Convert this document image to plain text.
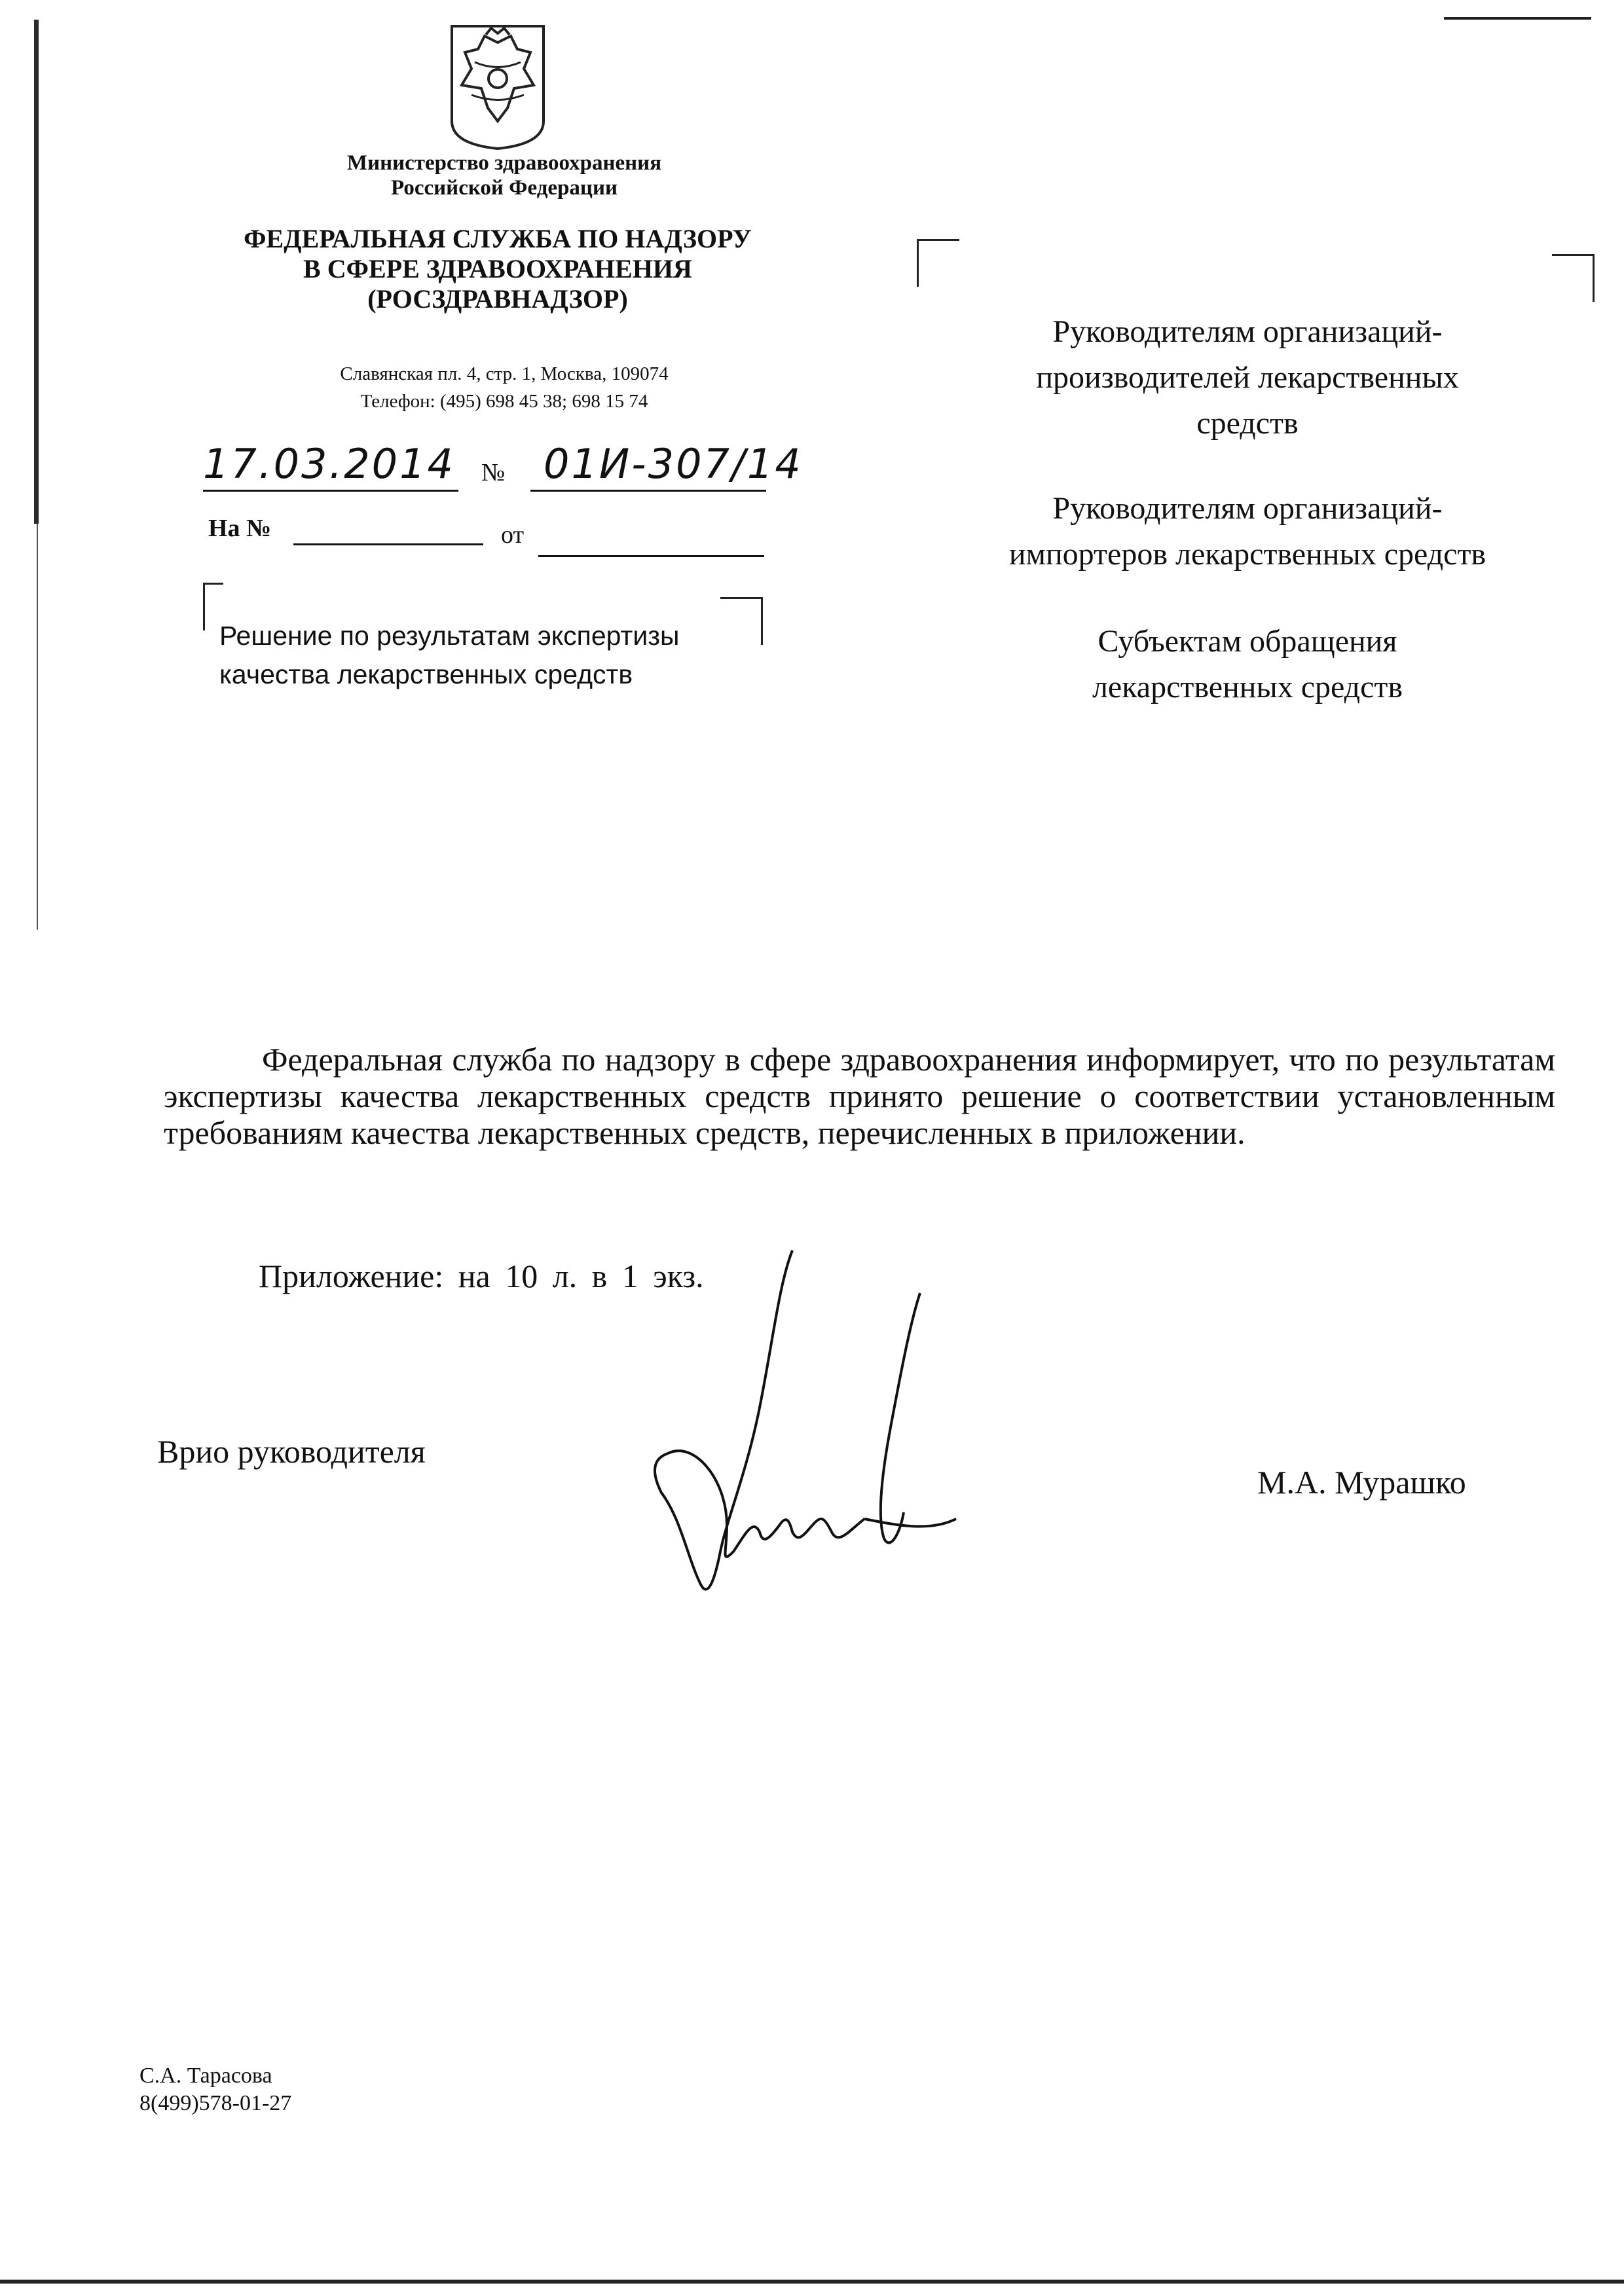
Министерство здравоохранения
Российской Федерации
ФЕДЕРАЛЬНАЯ СЛУЖБА ПО НАДЗОРУ
В СФЕРЕ ЗДРАВООХРАНЕНИЯ
(РОСЗДРАВНАДЗОР)
Славянская пл. 4, стр. 1, Москва, 109074
Телефон: (495) 698 45 38; 698 15 74
17.03.2014 № 01И-307/14
На №	от
Решение по результатам экспертизы
качества лекарственных средств
Руководителям организаций-
производителей лекарственных
средств
Руководителям организаций-
импортеров лекарственных средств
Субъектам обращения
лекарственных средств

Федеральная служба по надзору в сфере здравоохранения информирует, что по результатам экспертизы качества лекарственных средств принято решение о соответствии установленным требованиям качества лекарственных средств, перечисленных в приложении.

Приложение: на 10 л. в 1 экз.
Врио руководителя
М.А. Мурашко
С.А. Тарасова
8(499)578-01-27
